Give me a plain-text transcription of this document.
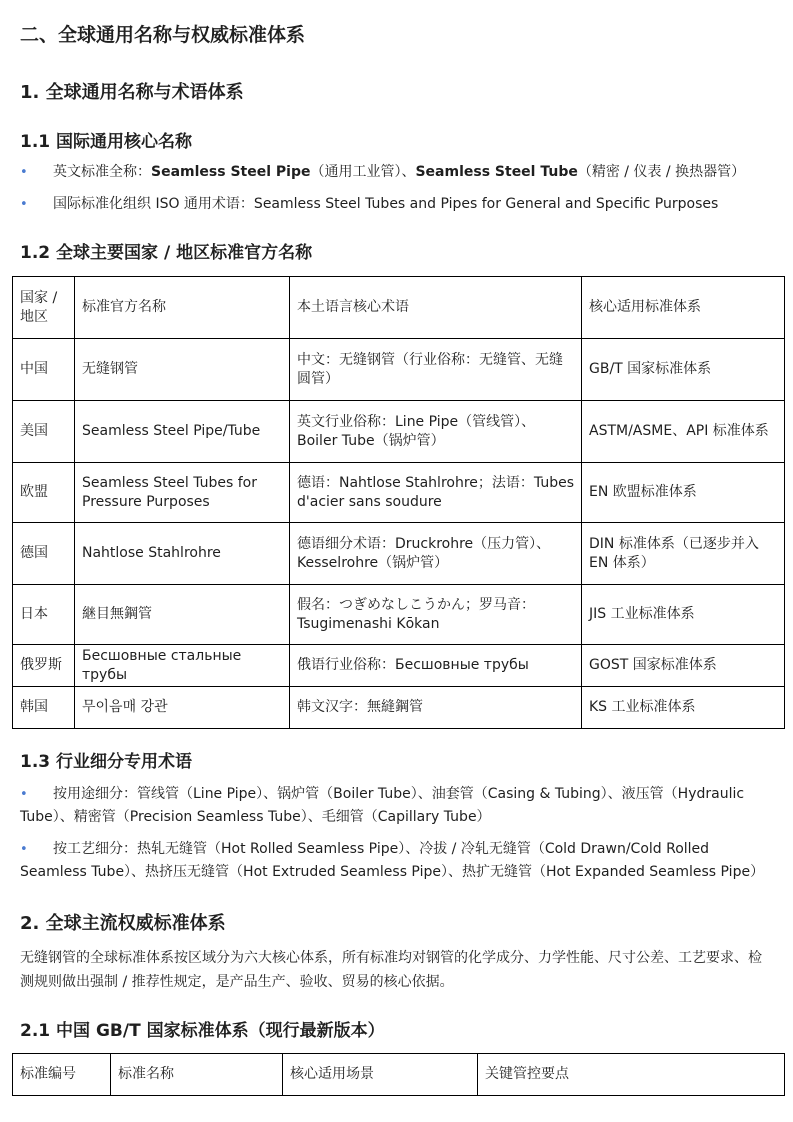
二、全球通用名称与权威标准体系
1. 全球通用名称与术语体系
1.1 国际通用核心名称
• 英文标准全称：Seamless Steel Pipe（通用工业管）、Seamless Steel Tube（精密 / 仪表 / 换热器管）
• 国际标准化组织 ISO 通用术语：Seamless Steel Tubes and Pipes for General and Specific Purposes
1.2 全球主要国家 / 地区标准官方名称
国家 / 地区	标准官方名称	本土语言核心术语	核心适用标准体系
中国	无缝钢管	中文：无缝钢管（行业俗称：无缝管、无缝圆管）	GB/T 国家标准体系
美国	Seamless Steel Pipe/Tube	英文行业俗称：Line Pipe（管线管）、Boiler Tube（锅炉管）	ASTM/ASME、API 标准体系
欧盟	Seamless Steel Tubes for Pressure Purposes	德语：Nahtlose Stahlrohre；法语：Tubes d'acier sans soudure	EN 欧盟标准体系
德国	Nahtlose Stahlrohre	德语细分术语：Druckrohre（压力管）、Kesselrohre（锅炉管）	DIN 标准体系（已逐步并入 EN 体系）
日本	継目無鋼管	假名：つぎめなしこうかん；罗马音：Tsugimenashi Kōkan	JIS 工业标准体系
俄罗斯	Бесшовные стальные трубы	俄语行业俗称：Бесшовные трубы	GOST 国家标准体系
韩国	무이음매 강관	韩文汉字：無縫鋼管	KS 工业标准体系
1.3 行业细分专用术语
• 按用途细分：管线管（Line Pipe）、锅炉管（Boiler Tube）、油套管（Casing & Tubing）、液压管（Hydraulic Tube）、精密管（Precision Seamless Tube）、毛细管（Capillary Tube）
• 按工艺细分：热轧无缝管（Hot Rolled Seamless Pipe）、冷拔 / 冷轧无缝管（Cold Drawn/Cold Rolled Seamless Tube）、热挤压无缝管（Hot Extruded Seamless Pipe）、热扩无缝管（Hot Expanded Seamless Pipe）
2. 全球主流权威标准体系

无缝钢管的全球标准体系按区域分为六大核心体系，所有标准均对钢管的化学成分、力学性能、尺寸公差、工艺要求、检测规则做出强制 / 推荐性规定，是产品生产、验收、贸易的核心依据。

2.1 中国 GB/T 国家标准体系（现行最新版本）
标准编号	标准名称	核心适用场景	关键管控要点
